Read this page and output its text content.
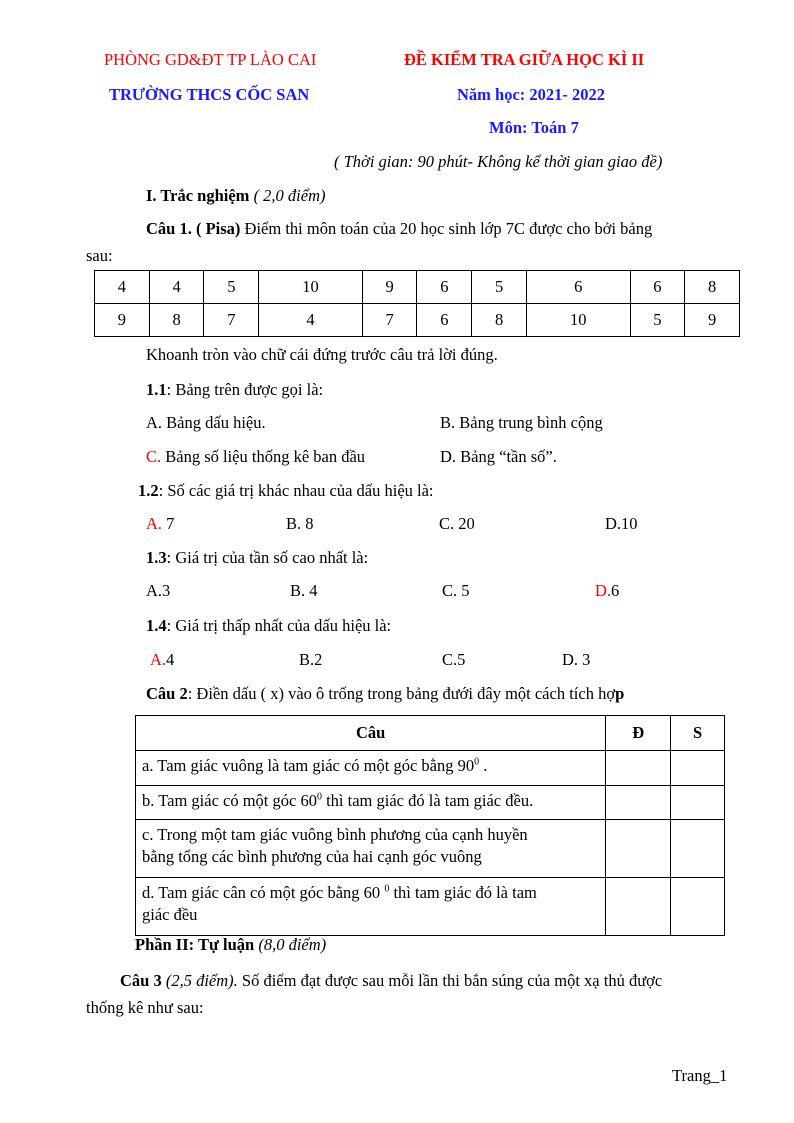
PHÒNG GD&ĐT TP LÀO CAI	ĐỀ KIỂM TRA GIỮA HỌC KÌ II
TRƯỜNG THCS CỐC SAN	Năm học: 2021- 2022
Môn: Toán 7
( Thời gian: 90 phút- Không kể thời gian giao đề)
I. Trắc nghiệm ( 2,0 điểm)
Câu 1. ( Pisa) Điểm thi môn toán của 20 học sinh lớp 7C được cho bởi bảng
sau:
4	4	5	10	9	6	5	6	6	8
9	8	7	4	7	6	8	10	5	9
Khoanh tròn vào chữ cái đứng trước câu trả lời đúng.
1.1: Bảng trên được gọi là:
A. Bảng dấu hiệu.	B. Bảng trung bình cộng
C. Bảng số liệu thống kê ban đầu	D. Bảng “tần số”.
1.2: Số các giá trị khác nhau của dấu hiệu là:
A. 7	B. 8	C. 20	D.10
1.3: Giá trị của tần số cao nhất là:
A.3	B. 4	C. 5	D.6
1.4: Giá trị thấp nhất của dấu hiệu là:
A.4	B.2	C.5	D. 3
Câu 2: Điền dấu ( x) vào ô trống trong bảng đưới đây một cách tích hợp
Câu	Đ	S
a. Tam giác vuông là tam giác có một góc bằng $90^0$ .		
b. Tam giác có một góc $60^0$ thì tam giác đó là tam giác đều.		
c. Trong một tam giác vuông bình phương của cạnh huyền
bằng tổng các bình phương của hai cạnh góc vuông		
d. Tam giác cân có một góc bằng 60 $^0$ thì tam giác đó là tam
giác đều		
Phần II: Tự luận (8,0 điểm)
Câu 3 (2,5 điểm). Số điểm đạt được sau mỗi lần thi bắn súng của một xạ thủ được
thống kê như sau:
Trang_1
